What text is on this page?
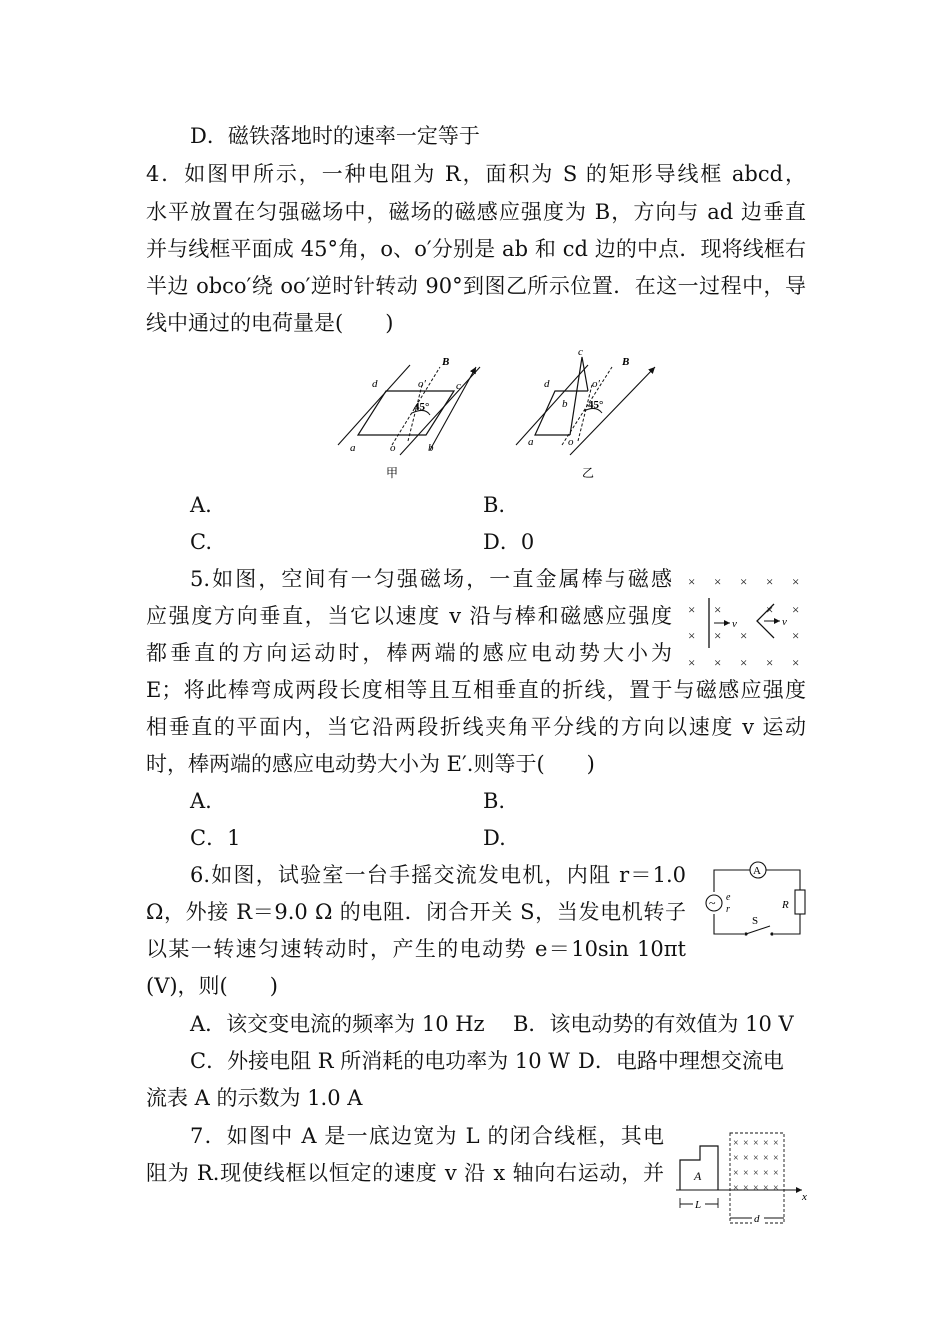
D．磁铁落地时的速率一定等于
4．如图甲所示，一种电阻为 R，面积为 S 的矩形导线框 abcd，
水平放置在匀强磁场中，磁场的磁感应强度为 B，方向与 ad 边垂直
并与线框平面成 45°角，o、o′分别是 ab 和 cd 边的中点．现将线框右
半边 obco′绕 oo′逆时针转动 90°到图乙所示位置．在这一过程中，导
线中通过的电荷量是(　　)
45°
a	b
c
d
o
o′
B
甲
45°
a
b
c
d
o
o′
B
乙
A.	B.
C.	D．0
5.如图，空间有一匀强磁场，一直金属棒与磁感
应强度方向垂直，当它以速度 v 沿与棒和磁感应强度
都垂直的方向运动时，棒两端的感应电动势大小为
E；将此棒弯成两段长度相等且互相垂直的折线，置于与磁感应强度
相垂直的平面内，当它沿两段折线夹角平分线的方向以速度 v 运动
时，棒两端的感应电动势大小为 E′.则等于(　　)
× × × × ×
× ×	× ×
× × ×	×
× × × × ×
v	v
A.	B.
C．1	D.
6.如图，试验室一台手摇交流发电机，内阻 r＝1.0
Ω，外接 R＝9.0 Ω 的电阻．闭合开关 S，当发电机转子
以某一转速匀速转动时，产生的电动势 e＝10sin 10πt
(V)，则(　　)
~ e
r
A
R
S
A．该交变电流的频率为 10 Hz B．该电动势的有效值为 10 V
C．外接电阻 R 所消耗的电功率为 10 W D．电路中理想交流电
流表 A 的示数为 1.0 A
7．如图中 A 是一底边宽为 L 的闭合线框，其电
阻为 R.现使线框以恒定的速度 v 沿 x 轴向右运动，并
× × × × ×
× × × × ×
× × × × ×
× × × × ×
A
x
L
d
